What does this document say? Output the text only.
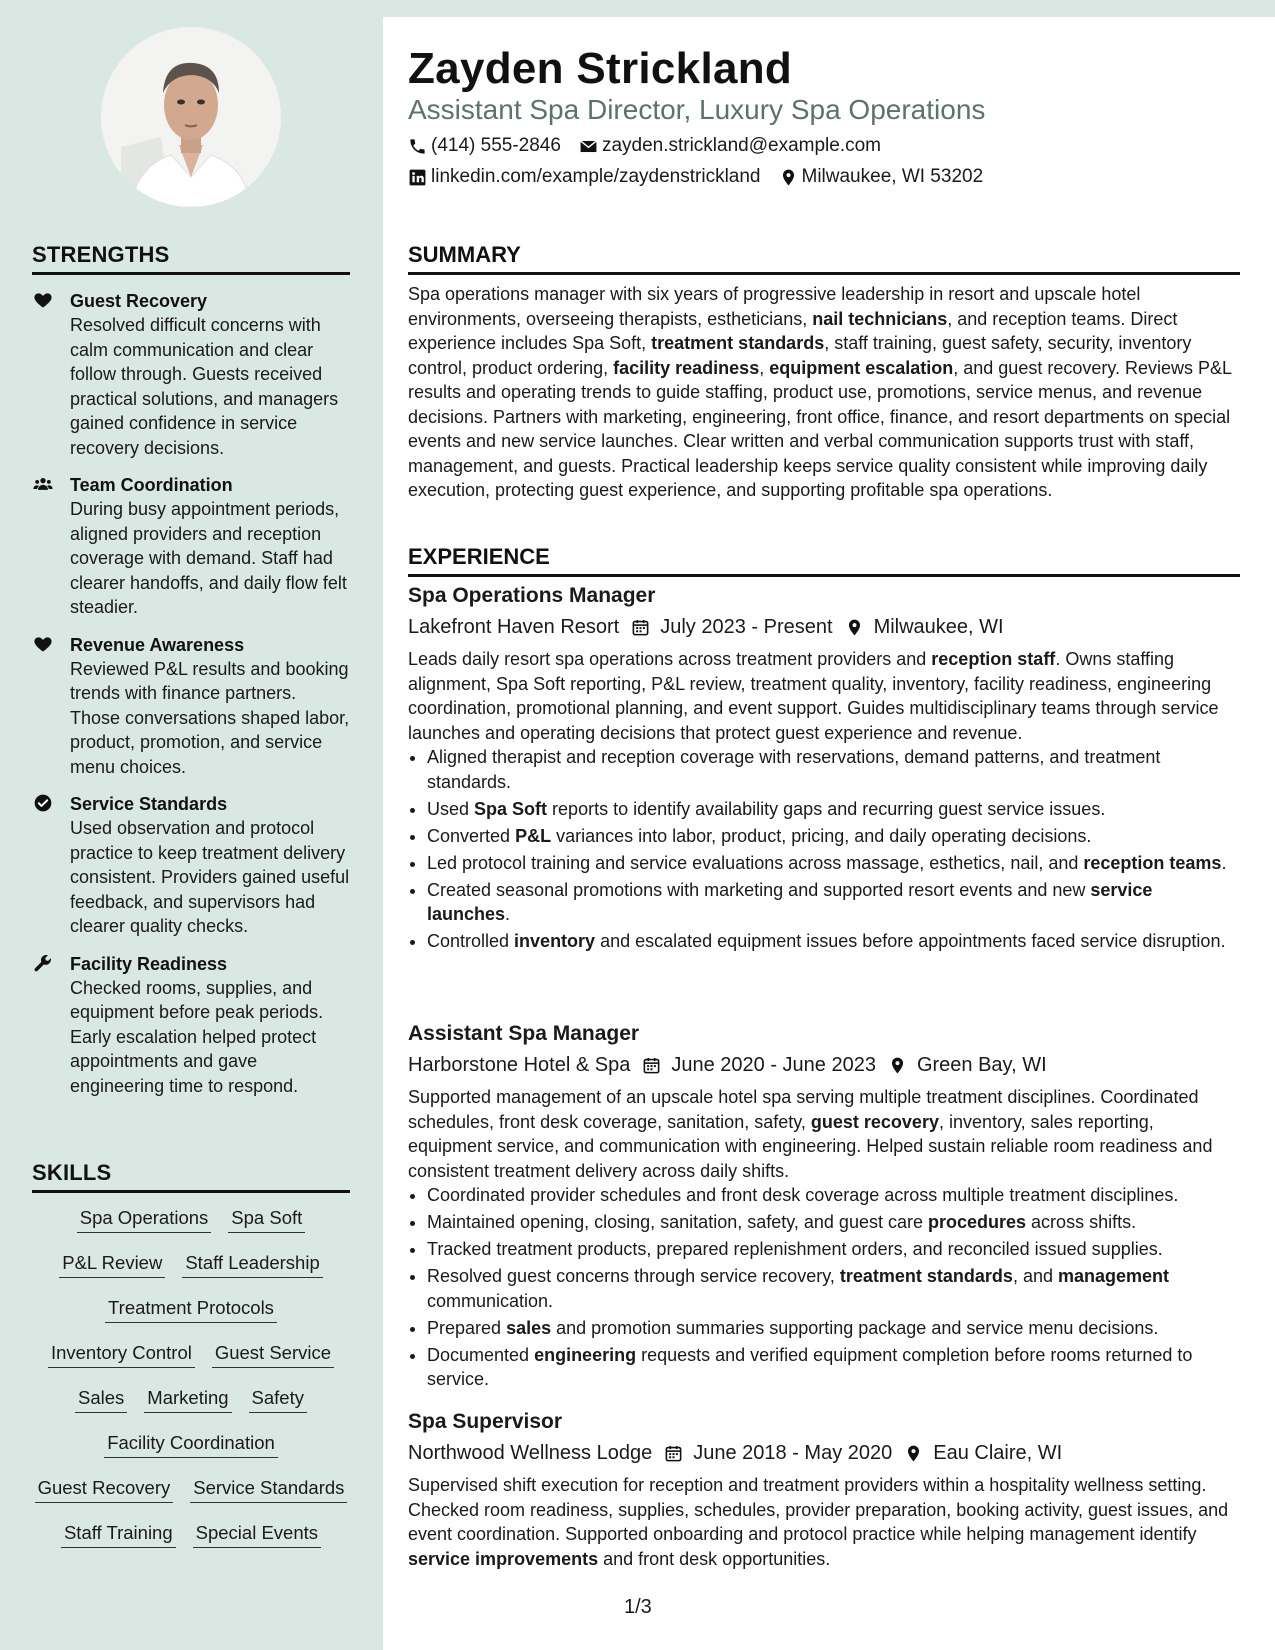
STRENGTHS
Guest Recovery
Resolved difficult concerns with calm communication and clear follow through. Guests received practical solutions, and managers gained confidence in service recovery decisions.
Team Coordination
During busy appointment periods, aligned providers and reception coverage with demand. Staff had clearer handoffs, and daily flow felt steadier.
Revenue Awareness
Reviewed P&L results and booking trends with finance partners. Those conversations shaped labor, product, promotion, and service menu choices.
Service Standards
Used observation and protocol practice to keep treatment delivery consistent. Providers gained useful feedback, and supervisors had clearer quality checks.
Facility Readiness
Checked rooms, supplies, and equipment before peak periods. Early escalation helped protect appointments and gave engineering time to respond.
SKILLS
Spa Operations Spa Soft
P&L Review Staff Leadership
Treatment Protocols
Inventory Control Guest Service
Sales Marketing Safety
Facility Coordination
Guest Recovery Service Standards
Staff Training Special Events
Zayden Strickland
Assistant Spa Director, Luxury Spa Operations
(414) 555-2846 zayden.strickland@example.com
linkedin.com/example/zaydenstrickland Milwaukee, WI 53202
SUMMARY
Spa operations manager with six years of progressive leadership in resort and upscale hotel environments, overseeing therapists, estheticians, nail technicians, and reception teams. Direct experience includes Spa Soft, treatment standards, staff training, guest safety, security, inventory control, product ordering, facility readiness, equipment escalation, and guest recovery. Reviews P&L results and operating trends to guide staffing, product use, promotions, service menus, and revenue decisions. Partners with marketing, engineering, front office, finance, and resort departments on special events and new service launches. Clear written and verbal communication supports trust with staff, management, and guests. Practical leadership keeps service quality consistent while improving daily execution, protecting guest experience, and supporting profitable spa operations.
EXPERIENCE
Spa Operations Manager
Lakefront Haven Resort July 2023 - Present Milwaukee, WI
Leads daily resort spa operations across treatment providers and reception staff. Owns staffing alignment, Spa Soft reporting, P&L review, treatment quality, inventory, facility readiness, engineering coordination, promotional planning, and event support. Guides multidisciplinary teams through service launches and operating decisions that protect guest experience and revenue.
• Aligned therapist and reception coverage with reservations, demand patterns, and treatment standards.
• Used Spa Soft reports to identify availability gaps and recurring guest service issues.
• Converted P&L variances into labor, product, pricing, and daily operating decisions.
• Led protocol training and service evaluations across massage, esthetics, nail, and reception teams.
• Created seasonal promotions with marketing and supported resort events and new service launches.
• Controlled inventory and escalated equipment issues before appointments faced service disruption.
Assistant Spa Manager
Harborstone Hotel & Spa June 2020 - June 2023 Green Bay, WI
Supported management of an upscale hotel spa serving multiple treatment disciplines. Coordinated schedules, front desk coverage, sanitation, safety, guest recovery, inventory, sales reporting, equipment service, and communication with engineering. Helped sustain reliable room readiness and consistent treatment delivery across daily shifts.
• Coordinated provider schedules and front desk coverage across multiple treatment disciplines.
• Maintained opening, closing, sanitation, safety, and guest care procedures across shifts.
• Tracked treatment products, prepared replenishment orders, and reconciled issued supplies.
• Resolved guest concerns through service recovery, treatment standards, and management communication.
• Prepared sales and promotion summaries supporting package and service menu decisions.
• Documented engineering requests and verified equipment completion before rooms returned to service.
Spa Supervisor
Northwood Wellness Lodge June 2018 - May 2020 Eau Claire, WI
Supervised shift execution for reception and treatment providers within a hospitality wellness setting. Checked room readiness, supplies, schedules, provider preparation, booking activity, guest issues, and event coordination. Supported onboarding and protocol practice while helping management identify service improvements and front desk opportunities.
1/3
